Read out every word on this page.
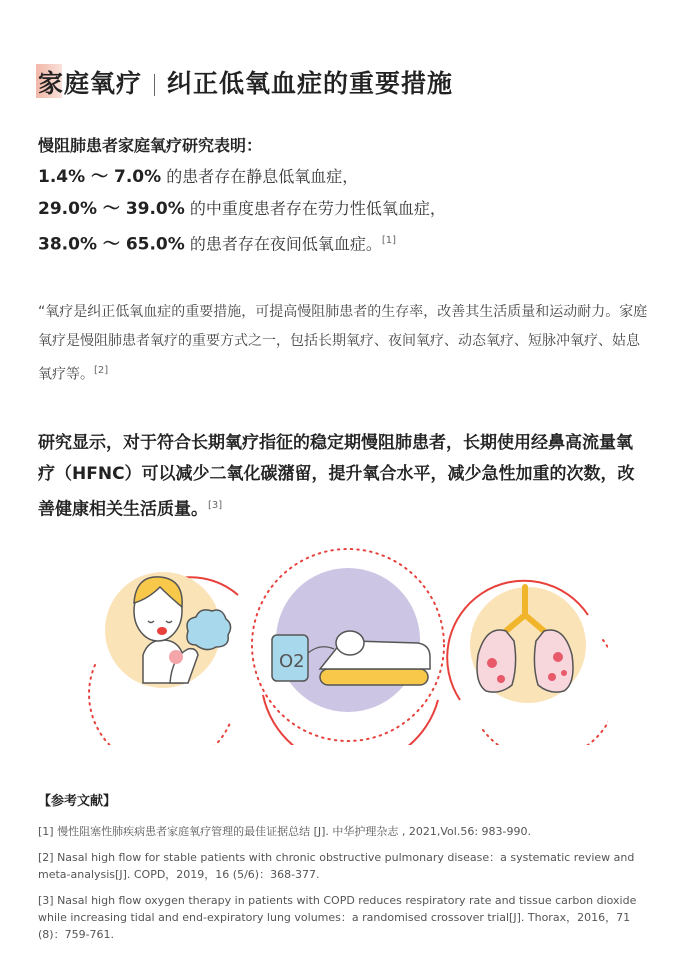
家庭氧疗 纠正低氧血症的重要措施
慢阻肺患者家庭氧疗研究表明：
1.4% ～ 7.0% 的患者存在静息低氧血症，
29.0% ～ 39.0% 的中重度患者存在劳力性低氧血症，
38.0% ～ 65.0% 的患者存在夜间低氧血症。[1]
“氧疗是纠正低氧血症的重要措施，可提高慢阻肺患者的生存率，改善其生活质量和运动耐力。家庭氧疗是慢阻肺患者氧疗的重要方式之一，包括长期氧疗、夜间氧疗、动态氧疗、短脉冲氧疗、姑息氧疗等。[2]
研究显示，对于符合长期氧疗指征的稳定期慢阻肺患者，长期使用经鼻高流量氧疗（HFNC）可以减少二氧化碳潴留，提升氧合水平，减少急性加重的次数，改善健康相关生活质量。[3]
O2
【参考文献】
[1] 慢性阻塞性肺疾病患者家庭氧疗管理的最佳证据总结 [J]. 中华护理杂志 , 2021,Vol.56: 983-990.
[2] Nasal high flow for stable patients with chronic obstructive pulmonary disease：a systematic review and meta-analysis[J]. COPD，2019，16 (5/6)：368-377.
[3] Nasal high flow oxygen therapy in patients with COPD reduces respiratory rate and tissue carbon dioxide while increasing tidal and end-expiratory lung volumes：a randomised crossover trial[J]. Thorax，2016，71 (8)：759-761.
